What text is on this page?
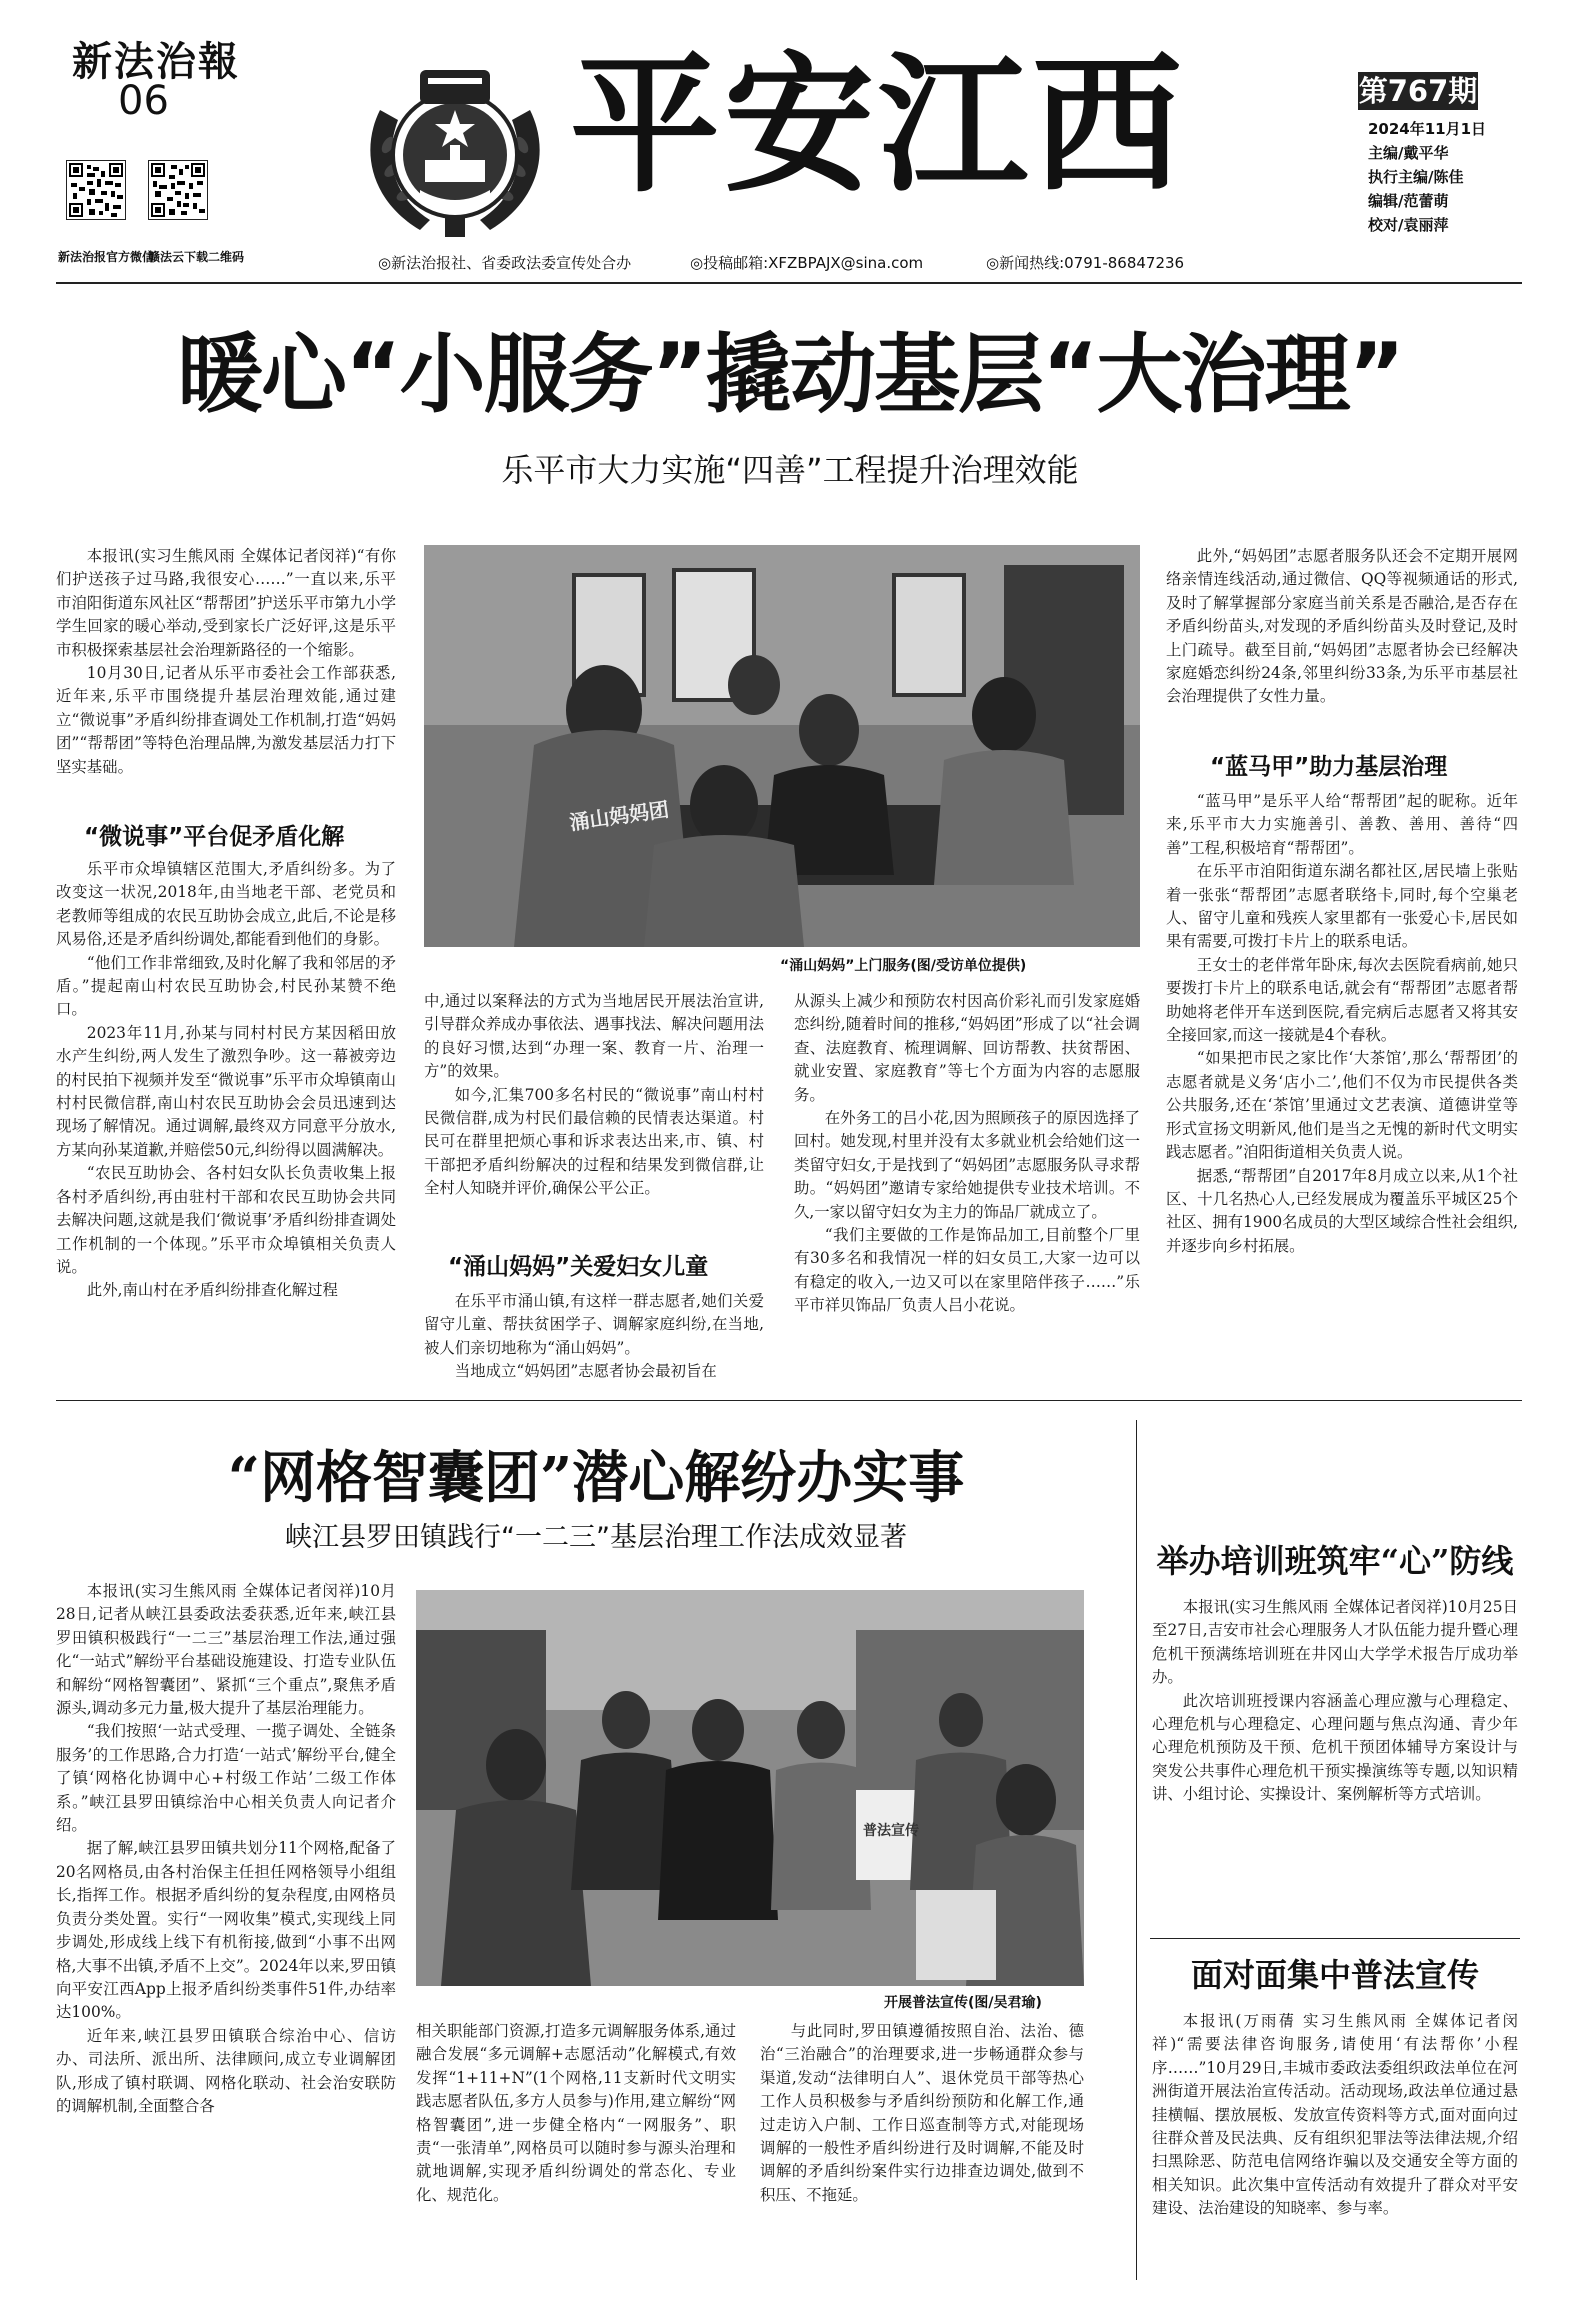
新法治報
06
新法治报官方微信
赣法云下载二维码
平安江西	第767期
2024年11月1日
主编/戴平华
执行主编/陈佳
编辑/范蕾萌
校对/袁丽萍
◎新法治报社、省委政法委宣传处合办	◎投稿邮箱:XFZBPAJX@sina.com	◎新闻热线:0791-86847236
暖心“小服务”撬动基层“大治理”
乐平市大力实施“四善”工程提升治理效能

本报讯(实习生熊风雨 全媒体记者闵祥)“有你们护送孩子过马路,我很安心……”一直以来,乐平市洎阳街道东风社区“帮帮团”护送乐平市第九小学学生回家的暖心举动,受到家长广泛好评,这是乐平市积极探索基层社会治理新路径的一个缩影。

10月30日,记者从乐平市委社会工作部获悉,近年来,乐平市围绕提升基层治理效能,通过建立“微说事”矛盾纠纷排查调处工作机制,打造“妈妈团”“帮帮团”等特色治理品牌,为激发基层活力打下坚实基础。

“微说事”平台促矛盾化解

乐平市众埠镇辖区范围大,矛盾纠纷多。为了改变这一状况,2018年,由当地老干部、老党员和老教师等组成的农民互助协会成立,此后,不论是移风易俗,还是矛盾纠纷调处,都能看到他们的身影。

“他们工作非常细致,及时化解了我和邻居的矛盾。”提起南山村农民互助协会,村民孙某赞不绝口。

2023年11月,孙某与同村村民方某因稻田放水产生纠纷,两人发生了激烈争吵。这一幕被旁边的村民拍下视频并发至“微说事”乐平市众埠镇南山村村民微信群,南山村农民互助协会会员迅速到达现场了解情况。通过调解,最终双方同意平分放水,方某向孙某道歉,并赔偿50元,纠纷得以圆满解决。

“农民互助协会、各村妇女队长负责收集上报各村矛盾纠纷,再由驻村干部和农民互助协会共同去解决问题,这就是我们‘微说事’矛盾纠纷排查调处工作机制的一个体现。”乐平市众埠镇相关负责人说。

此外,南山村在矛盾纠纷排查化解过程

涌山妈妈团
“涌山妈妈”上门服务(图/受访单位提供)

中,通过以案释法的方式为当地居民开展法治宣讲,引导群众养成办事依法、遇事找法、解决问题用法的良好习惯,达到“办理一案、教育一片、治理一方”的效果。

如今,汇集700多名村民的“微说事”南山村村民微信群,成为村民们最信赖的民情表达渠道。村民可在群里把烦心事和诉求表达出来,市、镇、村干部把矛盾纠纷解决的过程和结果发到微信群,让全村人知晓并评价,确保公平公正。

“涌山妈妈”关爱妇女儿童

在乐平市涌山镇,有这样一群志愿者,她们关爱留守儿童、帮扶贫困学子、调解家庭纠纷,在当地,被人们亲切地称为“涌山妈妈”。

当地成立“妈妈团”志愿者协会最初旨在

从源头上减少和预防农村因高价彩礼而引发家庭婚恋纠纷,随着时间的推移,“妈妈团”形成了以“社会调查、法庭教育、梳理调解、回访帮教、扶贫帮困、就业安置、家庭教育”等七个方面为内容的志愿服务。

在外务工的吕小花,因为照顾孩子的原因选择了回村。她发现,村里并没有太多就业机会给她们这一类留守妇女,于是找到了“妈妈团”志愿服务队寻求帮助。“妈妈团”邀请专家给她提供专业技术培训。不久,一家以留守妇女为主力的饰品厂就成立了。

“我们主要做的工作是饰品加工,目前整个厂里有30多名和我情况一样的妇女员工,大家一边可以有稳定的收入,一边又可以在家里陪伴孩子……”乐平市祥贝饰品厂负责人吕小花说。

此外,“妈妈团”志愿者服务队还会不定期开展网络亲情连线活动,通过微信、QQ等视频通话的形式,及时了解掌握部分家庭当前关系是否融洽,是否存在矛盾纠纷苗头,对发现的矛盾纠纷苗头及时登记,及时上门疏导。截至目前,“妈妈团”志愿者协会已经解决家庭婚恋纠纷24条,邻里纠纷33条,为乐平市基层社会治理提供了女性力量。

“蓝马甲”助力基层治理

“蓝马甲”是乐平人给“帮帮团”起的昵称。近年来,乐平市大力实施善引、善教、善用、善待“四善”工程,积极培育“帮帮团”。

在乐平市洎阳街道东湖名都社区,居民墙上张贴着一张张“帮帮团”志愿者联络卡,同时,每个空巢老人、留守儿童和残疾人家里都有一张爱心卡,居民如果有需要,可拨打卡片上的联系电话。

王女士的老伴常年卧床,每次去医院看病前,她只要拨打卡片上的联系电话,就会有“帮帮团”志愿者帮助她将老伴开车送到医院,看完病后志愿者又将其安全接回家,而这一接就是4个春秋。

“如果把市民之家比作‘大茶馆’,那么‘帮帮团’的志愿者就是义务‘店小二’,他们不仅为市民提供各类公共服务,还在‘茶馆’里通过文艺表演、道德讲堂等形式宣扬文明新风,他们是当之无愧的新时代文明实践志愿者。”洎阳街道相关负责人说。

据悉,“帮帮团”自2017年8月成立以来,从1个社区、十几名热心人,已经发展成为覆盖乐平城区25个社区、拥有1900名成员的大型区域综合性社会组织,并逐步向乡村拓展。

“网格智囊团”潜心解纷办实事
峡江县罗田镇践行“一二三”基层治理工作法成效显著

本报讯(实习生熊风雨 全媒体记者闵祥)10月28日,记者从峡江县委政法委获悉,近年来,峡江县罗田镇积极践行“一二三”基层治理工作法,通过强化“一站式”解纷平台基础设施建设、打造专业队伍和解纷“网格智囊团”、紧抓“三个重点”,聚焦矛盾源头,调动多元力量,极大提升了基层治理能力。

“我们按照‘一站式受理、一揽子调处、全链条服务’的工作思路,合力打造‘一站式’解纷平台,健全了镇‘网格化协调中心+村级工作站’二级工作体系。”峡江县罗田镇综治中心相关负责人向记者介绍。

据了解,峡江县罗田镇共划分11个网格,配备了20名网格员,由各村治保主任担任网格领导小组组长,指挥工作。根据矛盾纠纷的复杂程度,由网格员负责分类处置。实行“一网收集”模式,实现线上同步调处,形成线上线下有机衔接,做到“小事不出网格,大事不出镇,矛盾不上交”。2024年以来,罗田镇向平安江西App上报矛盾纠纷类事件51件,办结率达100%。

近年来,峡江县罗田镇联合综治中心、信访办、司法所、派出所、法律顾问,成立专业调解团队,形成了镇村联调、网格化联动、社会治安联防的调解机制,全面整合各

普法宣传
开展普法宣传(图/吴君瑜)

相关职能部门资源,打造多元调解服务体系,通过融合发展“多元调解+志愿活动”化解模式,有效发挥“1+11+N”(1个网格,11支新时代文明实践志愿者队伍,多方人员参与)作用,建立解纷“网格智囊团”,进一步健全格内“一网服务”、职责“一张清单”,网格员可以随时参与源头治理和就地调解,实现矛盾纠纷调处的常态化、专业化、规范化。

与此同时,罗田镇遵循按照自治、法治、德治“三治融合”的治理要求,进一步畅通群众参与渠道,发动“法律明白人”、退休党员干部等热心工作人员积极参与矛盾纠纷预防和化解工作,通过走访入户制、工作日巡查制等方式,对能现场调解的一般性矛盾纠纷进行及时调解,不能及时调解的矛盾纠纷案件实行边排查边调处,做到不积压、不拖延。

举办培训班筑牢“心”防线

本报讯(实习生熊风雨 全媒体记者闵祥)10月25日至27日,吉安市社会心理服务人才队伍能力提升暨心理危机干预满练培训班在井冈山大学学术报告厅成功举办。

此次培训班授课内容涵盖心理应激与心理稳定、心理危机与心理稳定、心理问题与焦点沟通、青少年心理危机预防及干预、危机干预团体辅导方案设计与突发公共事件心理危机干预实操演练等专题,以知识精讲、小组讨论、实操设计、案例解析等方式培训。

面对面集中普法宣传

本报讯(万雨蒨 实习生熊风雨 全媒体记者闵祥)“需要法律咨询服务,请使用‘有法帮你’小程序……”10月29日,丰城市委政法委组织政法单位在河洲街道开展法治宣传活动。活动现场,政法单位通过悬挂横幅、摆放展板、发放宣传资料等方式,面对面向过往群众普及民法典、反有组织犯罪法等法律法规,介绍扫黑除恶、防范电信网络诈骗以及交通安全等方面的相关知识。此次集中宣传活动有效提升了群众对平安建设、法治建设的知晓率、参与率。
